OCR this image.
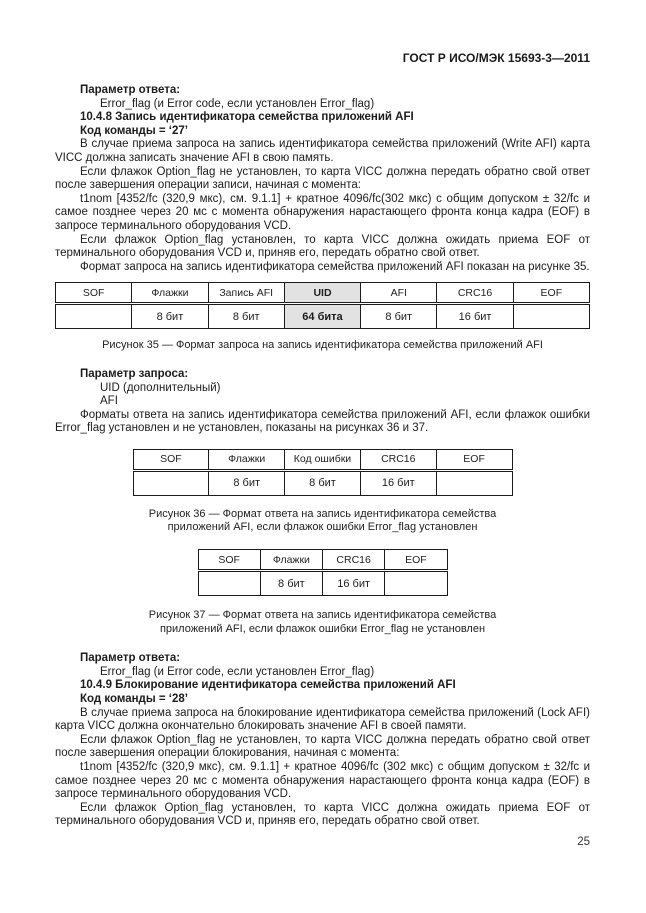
ГОСТ Р ИСО/МЭК 15693-3—2011
Параметр ответа:
Error_flag (и Error code, если установлен Error_flag)
10.4.8 Запись идентификатора семейства приложений AFI
Код команды = ‘27’

В случае приема запроса на запись идентификатора семейства приложений (Write AFI) карта VICC должна записать значение AFI в свою память.

Если флажок Option_flag не установлен, то карта VICC должна передать обратно свой ответ после завершения операции записи, начиная с момента:

t1nom [4352/fc (320,9 мкс), см. 9.1.1] + кратное 4096/fc(302 мкс) с общим допуском ± 32/fc и самое позднее через 20 мс с момента обнаружения нарастающего фронта конца кадра (EOF) в запросе терминального оборудования VCD.

Если флажок Option_flag установлен, то карта VICC должна ожидать приема EOF от терминального оборудования VCD и, приняв его, передать обратно свой ответ.

Формат запроса на запись идентификатора семейства приложений AFI показан на рисунке 35.

SOF	Флажки	Запись AFI	UID	AFI	CRC16	EOF
	8 бит	8 бит	64 бита	8 бит	16 бит	
Рисунок 35 — Формат запроса на запись идентификатора семейства приложений AFI
Параметр запроса:
UID (дополнительный)
AFI

Форматы ответа на запись идентификатора семейства приложений AFI, если флажок ошибки Error_flag установлен и не установлен, показаны на рисунках 36 и 37.

SOF	Флажки	Код ошибки	CRC16	EOF
	8 бит	8 бит	16 бит	
Рисунок 36 — Формат ответа на запись идентификатора семейства
приложений AFI, если флажок ошибки Error_flag установлен
SOF	Флажки	CRC16	EOF
	8 бит	16 бит	
Рисунок 37 — Формат ответа на запись идентификатора семейства
приложений AFI, если флажок ошибки Error_flag не установлен
Параметр ответа:
Error_flag (и Error code, если установлен Error_flag)
10.4.9 Блокирование идентификатора семейства приложений AFI
Код команды = ‘28’

В случае приема запроса на блокирование идентификатора семейства приложений (Lock AFI) карта VICC должна окончательно блокировать значение AFI в своей памяти.

Если флажок Option_flag не установлен, то карта VICC должна передать обратно свой ответ после завершения операции блокирования, начиная с момента:

t1nom [4352/fc (320,9 мкс), см. 9.1.1] + кратное 4096/fc (302 мкс) с общим допуском ± 32/fc и самое позднее через 20 мс с момента обнаружения нарастающего фронта конца кадра (EOF) в запросе терминального оборудования VCD.

Если флажок Option_flag установлен, то карта VICC должна ожидать приема EOF от терминального оборудования VCD и, приняв его, передать обратно свой ответ.

25
